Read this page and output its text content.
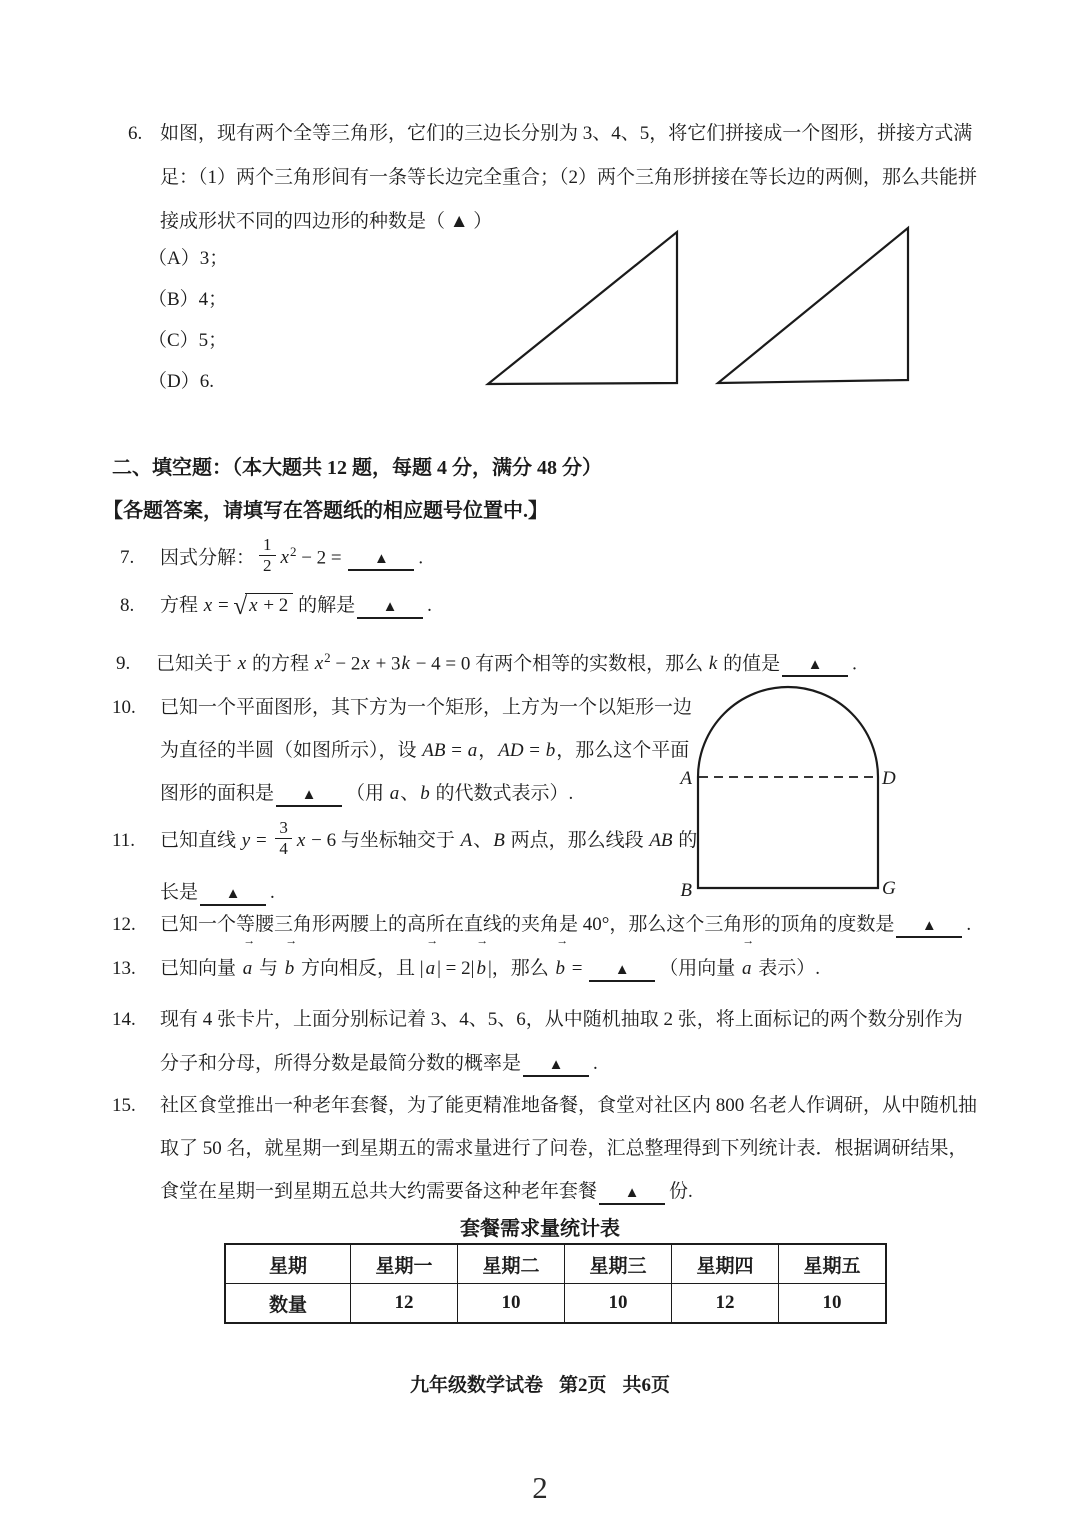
6. 如图，现有两个全等三角形，它们的三边长分别为 3、4、5，将它们拼接成一个图形，拼接方式满
足：（1）两个三角形间有一条等长边完全重合；（2）两个三角形拼接在等长边的两侧，那么共能拼
接成形状不同的四边形的种数是（ ▲ ）
（A）3；
（B）4；
（C）5；
（D）6.
二、填空题：（本大题共 12 题，每题 4 分，满分 48 分）
【各题答案，请填写在答题纸的相应题号位置中.】
7. 因式分解： $\frac{1}{2} x^2 - 2$ = ▲ .
8. 方程 x = √ x + 2 的解是 ▲ .
9. 已知关于 x 的方程 $x^2 - 2x + 3k - 4 = 0$ 有两个相等的实数根，那么 k 的值是 ▲ .
10. 已知一个平面图形，其下方为一个矩形，上方为一个以矩形一边
为直径的半圆（如图所示），设 AB = a，AD = b，那么这个平面
图形的面积是 ▲ （用 a、b 的代数式表示）.
A	D
B	G
11. 已知直线 $y = \frac{3}{4}$ x − 6 与坐标轴交于 A、B 两点，那么线段 AB 的
长是 ▲ .
12. 已知一个等腰三角形两腰上的高所在直线的夹角是 40°，那么这个三角形的顶角的度数是 ▲ .
13. 已知向量
→
a 与
→
b 方向相反，且 |
→
a | = 2|
→
b |，那么
→
b = ▲ （用向量
→
a 表示）.
14. 现有 4 张卡片，上面分别标记着 3、4、5、6，从中随机抽取 2 张，将上面标记的两个数分别作为
分子和分母，所得分数是最简分数的概率是 ▲ .
15. 社区食堂推出一种老年套餐，为了能更精准地备餐，食堂对社区内 800 名老人作调研，从中随机抽
取了 50 名，就星期一到星期五的需求量进行了问卷，汇总整理得到下列统计表．根据调研结果，
食堂在星期一到星期五总共大约需要备这种老年套餐 ▲ 份.
套餐需求量统计表
星期	星期一	星期二	星期三	星期四	星期五
数量	12	10	10	12	10
九年级数学试卷 第2页 共6页
2
